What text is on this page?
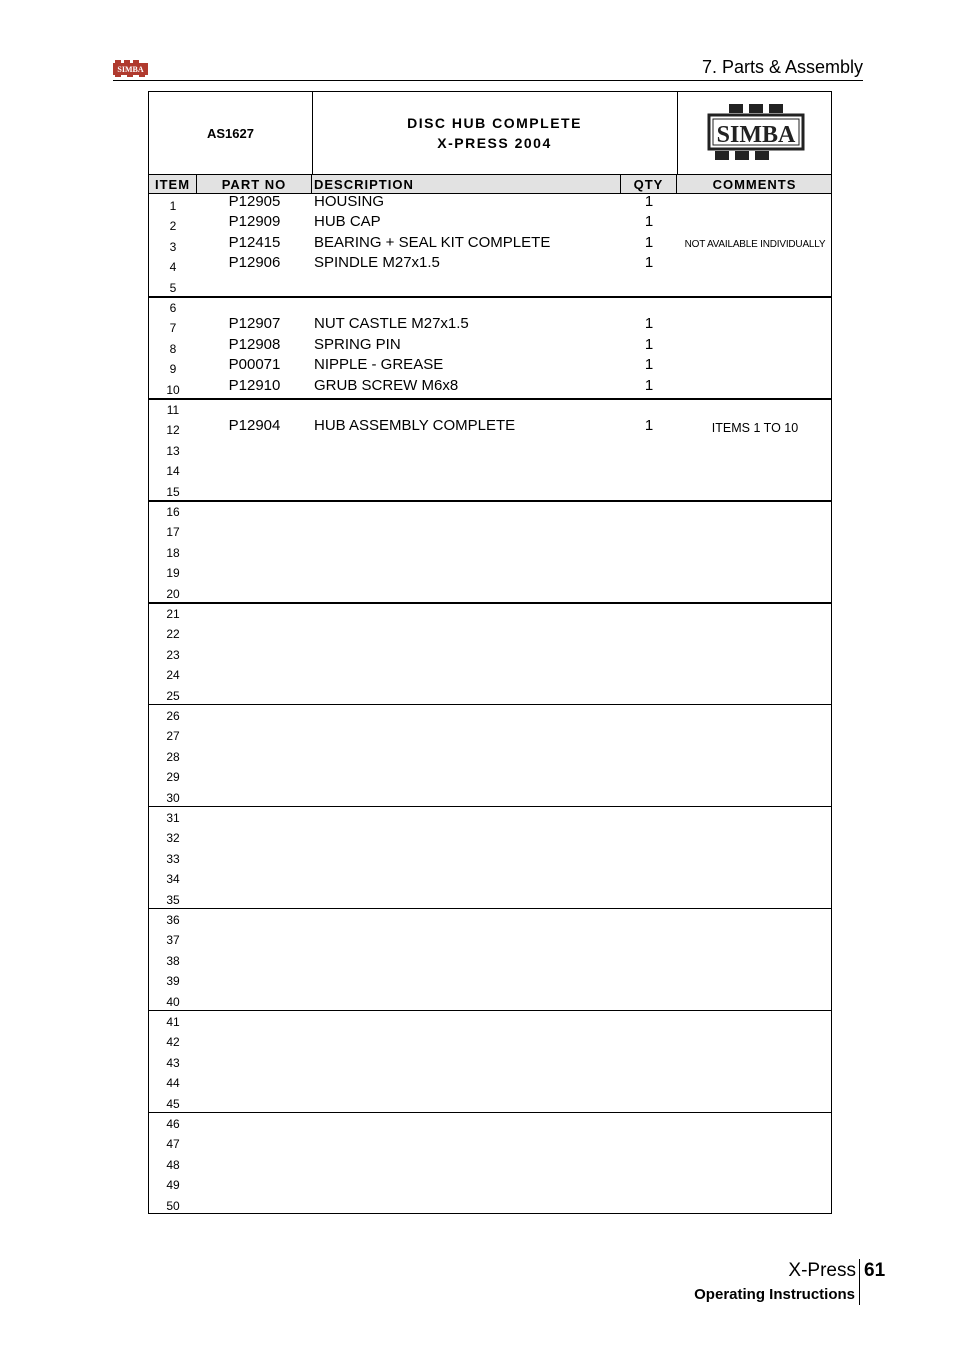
SIMBA	7. Parts & Assembly
AS1627
DISC HUB COMPLETE
X-PRESS 2004	SIMBA
ITEM	PART NO	DESCRIPTION	QTY	COMMENTS
1	P12905	HOUSING	1
2	P12909	HUB CAP	1
3	P12415	BEARING + SEAL KIT COMPLETE	1	NOT AVAILABLE INDIVIDUALLY
4	P12906	SPINDLE M27x1.5	1
5
6
7	P12907	NUT CASTLE M27x1.5	1
8	P12908	SPRING PIN	1
9	P00071	NIPPLE - GREASE	1
10	P12910	GRUB SCREW M6x8	1
11
12	P12904	HUB ASSEMBLY COMPLETE	1	ITEMS 1 TO 10
13
14
15
16
17
18
19
20
21
22
23
24
25
26
27
28
29
30
31
32
33
34
35
36
37
38
39
40
41
42
43
44
45
46
47
48
49
50
X-Press 61
Operating Instructions
